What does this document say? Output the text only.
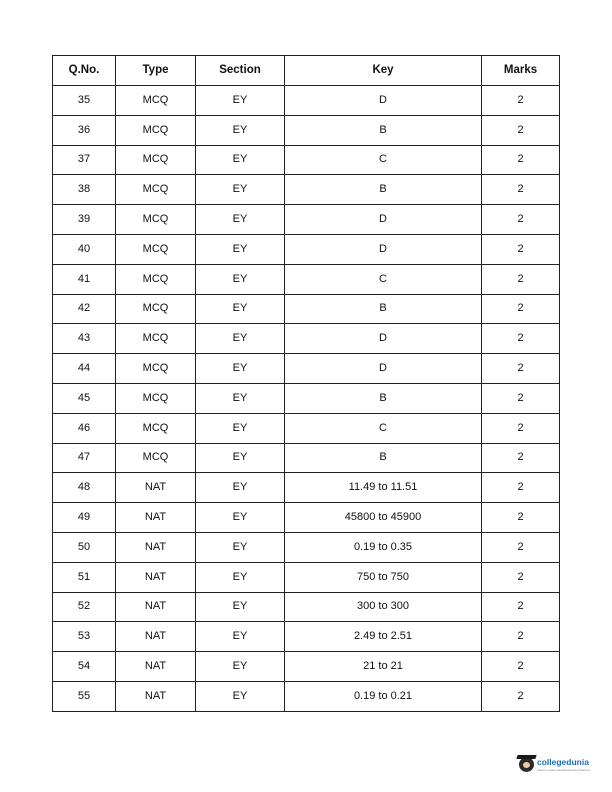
Q.No.	Type	Section	Key	Marks
35	MCQ	EY	D	2
36	MCQ	EY	B	2
37	MCQ	EY	C	2
38	MCQ	EY	B	2
39	MCQ	EY	D	2
40	MCQ	EY	D	2
41	MCQ	EY	C	2
42	MCQ	EY	B	2
43	MCQ	EY	D	2
44	MCQ	EY	D	2
45	MCQ	EY	B	2
46	MCQ	EY	C	2
47	MCQ	EY	B	2
48	NAT	EY	11.49 to 11.51	2
49	NAT	EY	45800 to 45900	2
50	NAT	EY	0.19 to 0.35	2
51	NAT	EY	750 to 750	2
52	NAT	EY	300 to 300	2
53	NAT	EY	2.49 to 2.51	2
54	NAT	EY	21 to 21	2
55	NAT	EY	0.19 to 0.21	2
collegedunia
India's Largest Student Review Platform
